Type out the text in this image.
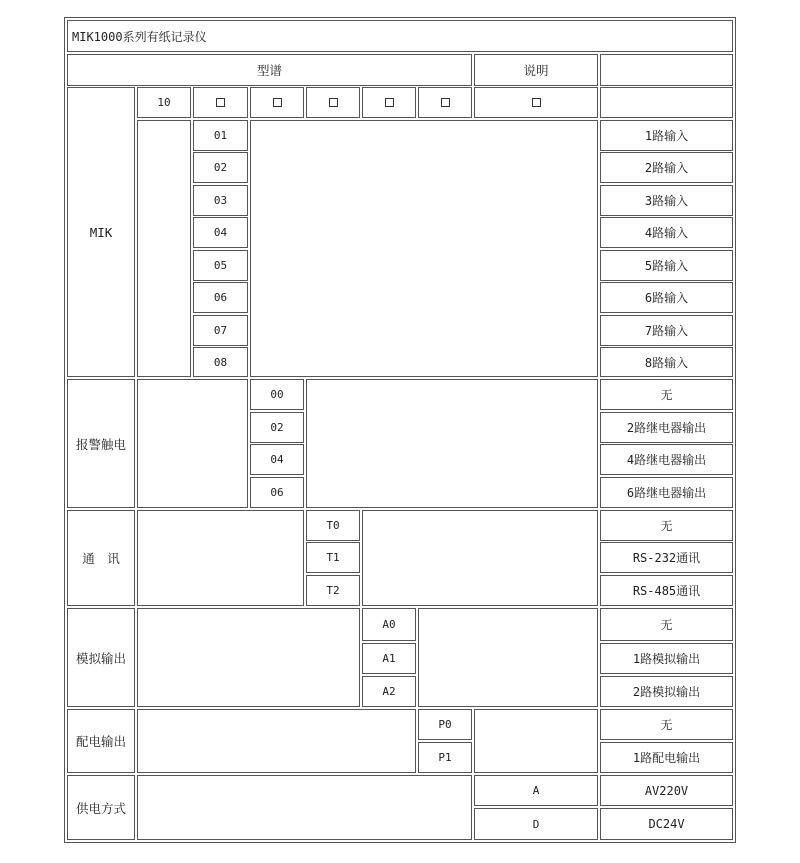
MIK1000系列有纸记录仪
型谱	说明
MIK
10
01
02
03
04
05
06
07
08
1路输入
2路输入
3路输入
4路输入
5路输入
6路输入
7路输入
8路输入
报警触电
00
02
04
06
无
2路继电器输出
4路继电器输出
6路继电器输出
通　讯
T0
T1
T2
无
RS-232通讯
RS-485通讯
模拟输出
A0
A1
A2
无
1路模拟输出
2路模拟输出
配电输出
P0
P1
无
1路配电输出
供电方式
A
D
AV220V
DC24V
